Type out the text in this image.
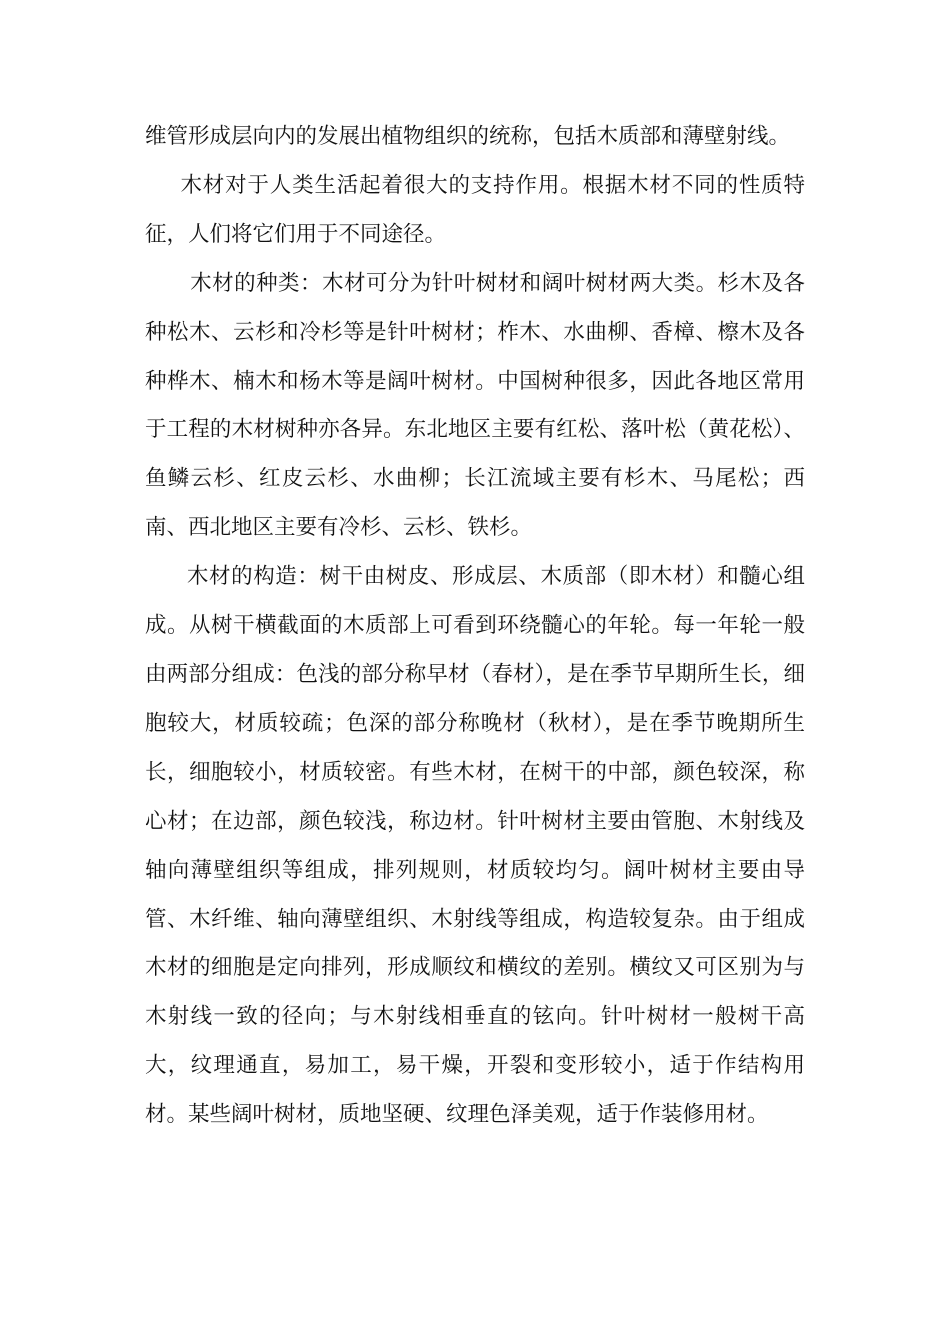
维管形成层向内的发展出植物组织的统称，包括木质部和薄壁射线。

木材对于人类生活起着很大的支持作用。根据木材不同的性质特征，人们将它们用于不同途径。

木材的种类：木材可分为针叶树材和阔叶树材两大类。杉木及各种松木、云杉和冷杉等是针叶树材；柞木、水曲柳、香樟、檫木及各种桦木、楠木和杨木等是阔叶树材。中国树种很多，因此各地区常用于工程的木材树种亦各异。东北地区主要有红松、落叶松（黄花松）、鱼鳞云杉、红皮云杉、水曲柳；长江流域主要有杉木、马尾松；西南、西北地区主要有冷杉、云杉、铁杉。

木材的构造：树干由树皮、形成层、木质部（即木材）和髓心组成。从树干横截面的木质部上可看到环绕髓心的年轮。每一年轮一般由两部分组成：色浅的部分称早材（春材），是在季节早期所生长，细胞较大，材质较疏；色深的部分称晚材（秋材），是在季节晚期所生长，细胞较小，材质较密。有些木材，在树干的中部，颜色较深，称心材；在边部，颜色较浅，称边材。针叶树材主要由管胞、木射线及轴向薄壁组织等组成，排列规则，材质较均匀。阔叶树材主要由导管、木纤维、轴向薄壁组织、木射线等组成，构造较复杂。由于组成木材的细胞是定向排列，形成顺纹和横纹的差别。横纹又可区别为与木射线一致的径向；与木射线相垂直的铉向。针叶树材一般树干高大，纹理通直，易加工，易干燥，开裂和变形较小，适于作结构用材。某些阔叶树材，质地坚硬、纹理色泽美观，适于作装修用材。
